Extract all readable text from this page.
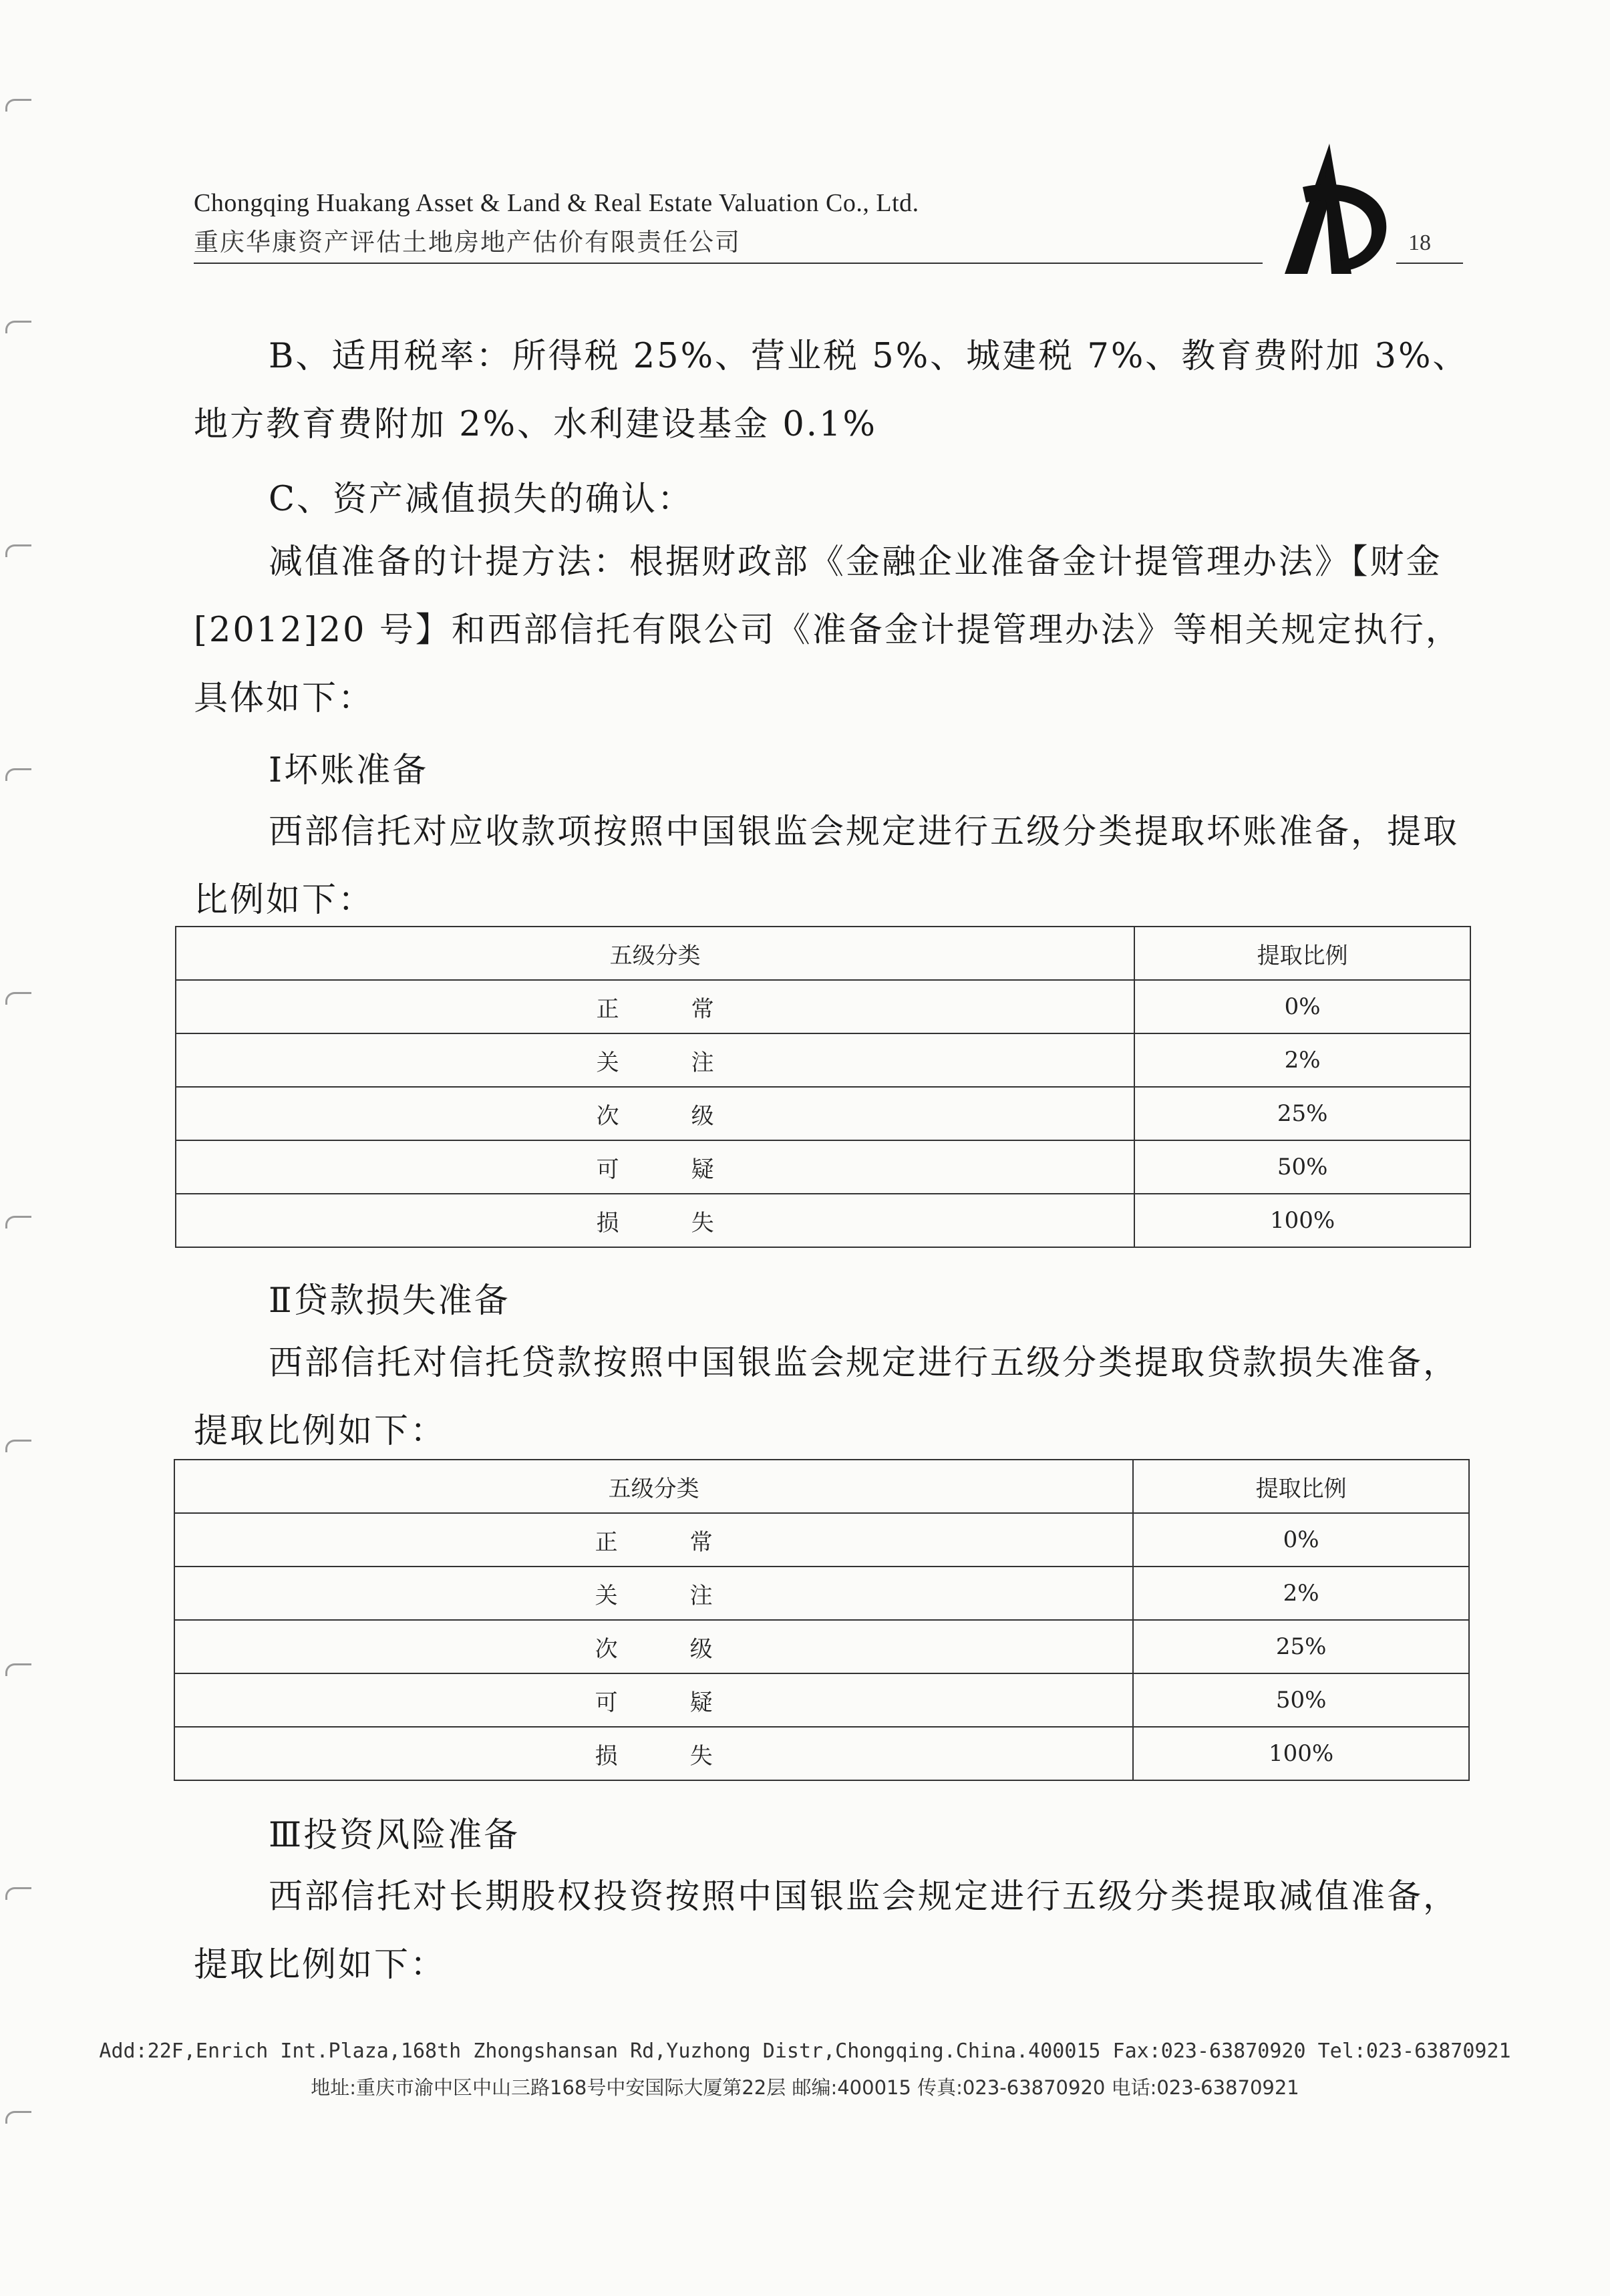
Chongqing Huakang Asset & Land & Real Estate Valuation Co., Ltd.
重庆华康资产评估土地房地产估价有限责任公司	18

B、适用税率：所得税 25%、营业税 5%、城建税 7%、教育费附加 3%、地方教育费附加 2%、水利建设基金 0.1%

C、资产减值损失的确认：

减值准备的计提方法：根据财政部《金融企业准备金计提管理办法》【财金[2012]20 号】和西部信托有限公司《准备金计提管理办法》等相关规定执行，具体如下：

Ⅰ坏账准备

西部信托对应收款项按照中国银监会规定进行五级分类提取坏账准备，提取比例如下：

五级分类	提取比例
正常	0%
关注	2%
次级	25%
可疑	50%
损失	100%
Ⅱ贷款损失准备

西部信托对信托贷款按照中国银监会规定进行五级分类提取贷款损失准备，提取比例如下：

五级分类	提取比例
正常	0%
关注	2%
次级	25%
可疑	50%
损失	100%
Ⅲ投资风险准备

西部信托对长期股权投资按照中国银监会规定进行五级分类提取减值准备，提取比例如下：

Add:22F,Enrich Int.Plaza,168th Zhongshansan Rd,Yuzhong Distr,Chongqing.China.400015 Fax:023-63870920 Tel:023-63870921
地址:重庆市渝中区中山三路168号中安国际大厦第22层 邮编:400015 传真:023-63870920 电话:023-63870921
